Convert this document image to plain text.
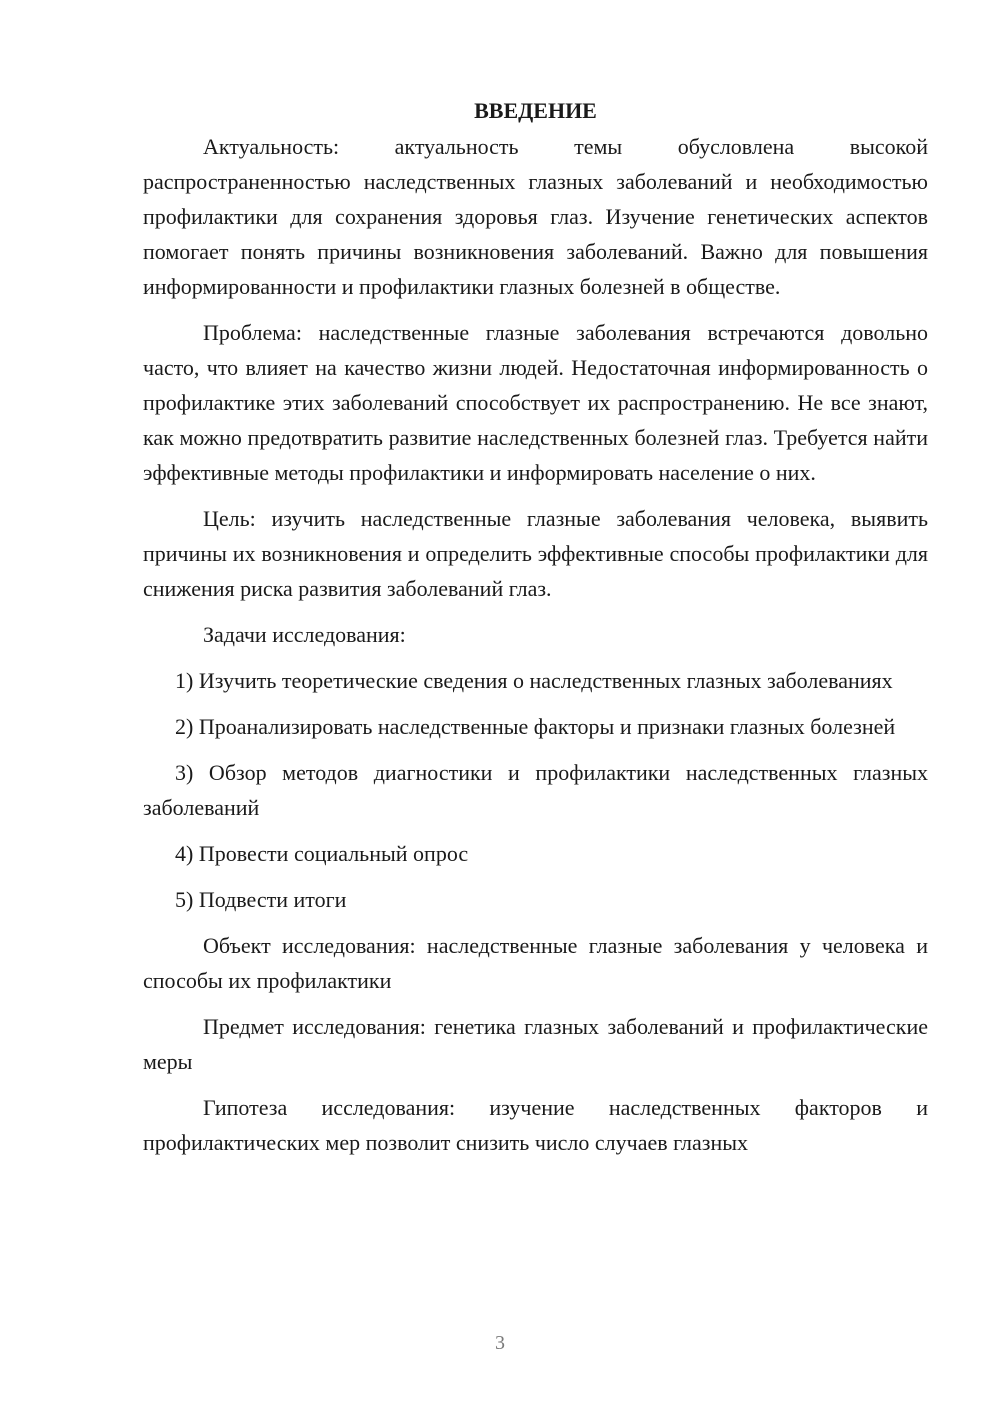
ВВЕДЕНИЕ

Актуальность: актуальность темы обусловлена высокой распространенностью наследственных глазных заболеваний и необходимостью профилактики для сохранения здоровья глаз. Изучение генетических аспектов помогает понять причины возникновения заболеваний. Важно для повышения информированности и профилактики глазных болезней в обществе.

Проблема: наследственные глазные заболевания встречаются довольно часто, что влияет на качество жизни людей. Недостаточная информированность о профилактике этих заболеваний способствует их распространению. Не все знают, как можно предотвратить развитие наследственных болезней глаз. Требуется найти эффективные методы профилактики и информировать население о них.

Цель: изучить наследственные глазные заболевания человека, выявить причины их возникновения и определить эффективные способы профилактики для снижения риска развития заболеваний глаз.

Задачи исследования:

1) Изучить теоретические сведения о наследственных глазных заболеваниях

2) Проанализировать наследственные факторы и признаки глазных болезней

3) Обзор методов диагностики и профилактики наследственных глазных заболеваний

4) Провести социальный опрос

5) Подвести итоги

Объект исследования: наследственные глазные заболевания у человека и способы их профилактики

Предмет исследования: генетика глазных заболеваний и профилактические меры

Гипотеза исследования: изучение наследственных факторов и профилактических мер позволит снизить число случаев глазных

3
